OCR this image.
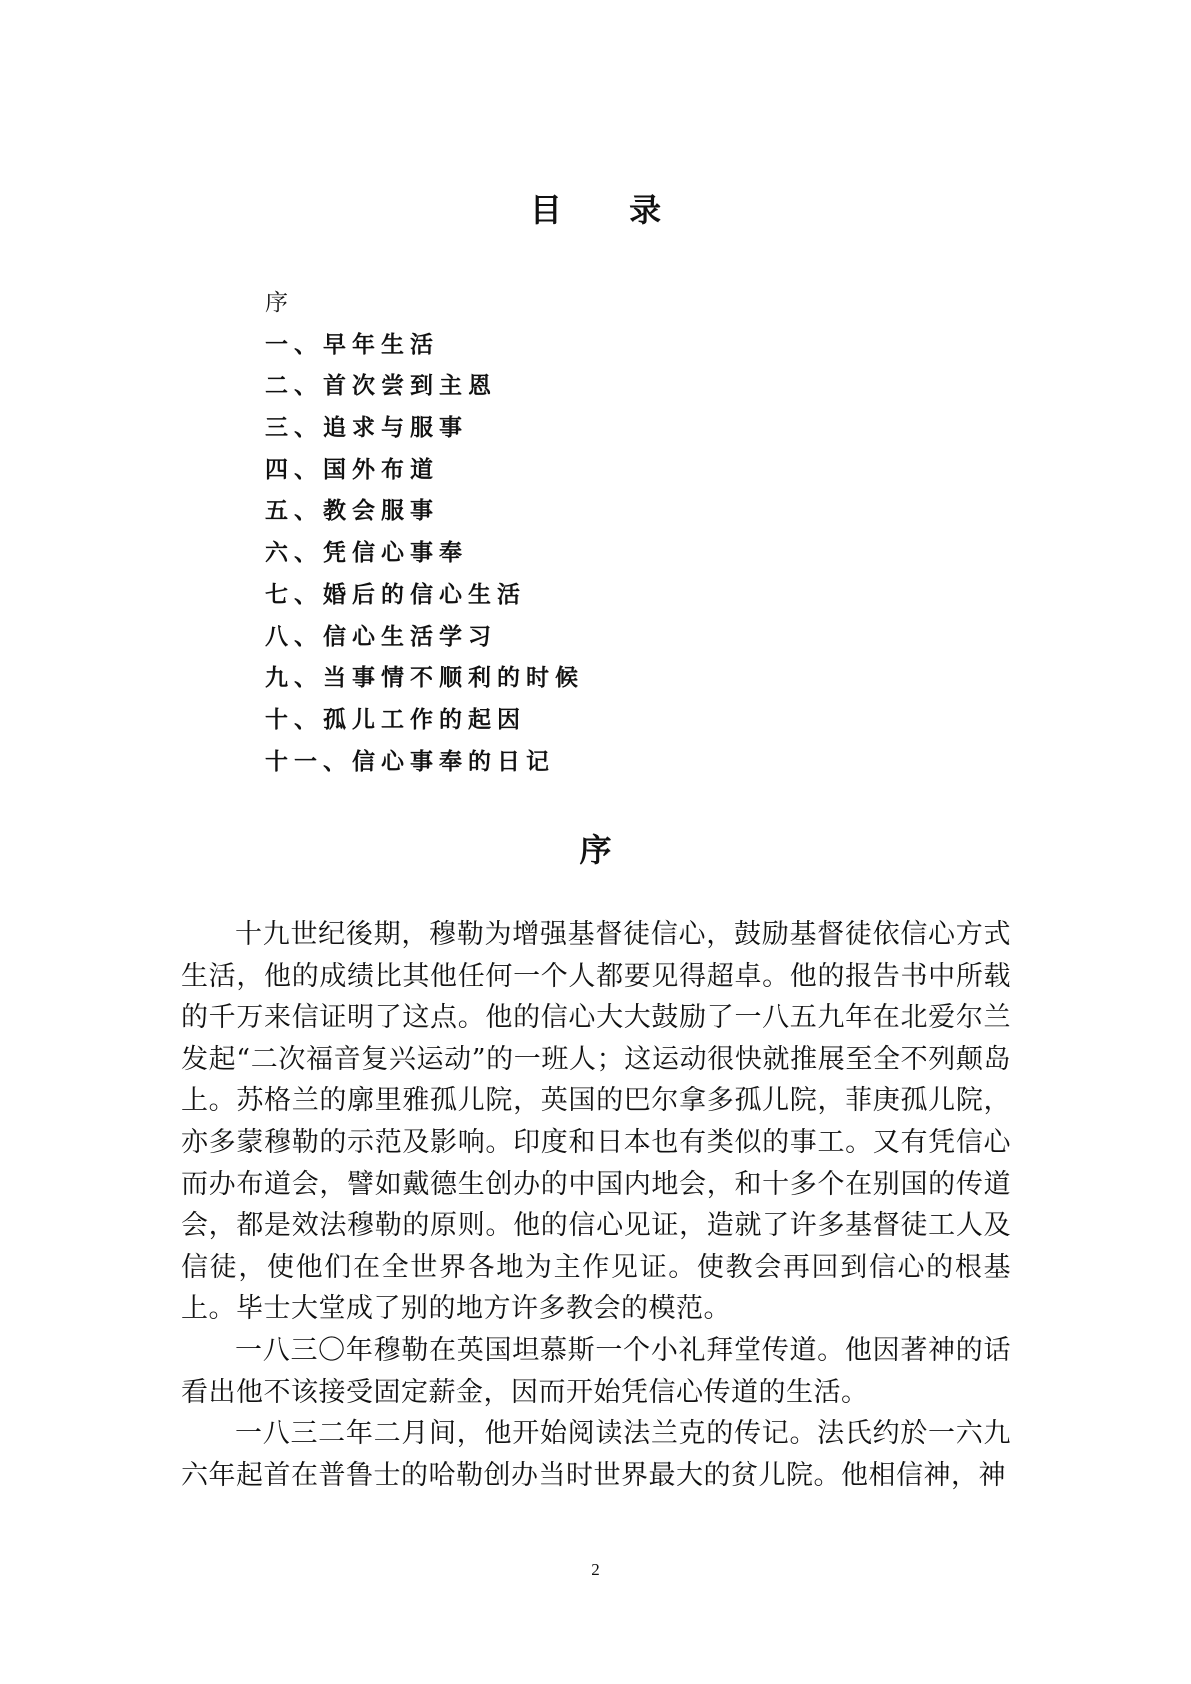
目 录
序
一、早年生活
二、首次尝到主恩
三、追求与服事
四、国外布道
五、教会服事
六、凭信心事奉
七、婚后的信心生活
八、信心生活学习
九、当事情不顺利的时候
十、孤儿工作的起因
十一、信心事奉的日记
序

十九世纪後期，穆勒为增强基督徒信心，鼓励基督徒依信心方式生活，他的成绩比其他任何一个人都要见得超卓。他的报告书中所载的千万来信证明了这点。他的信心大大鼓励了一八五九年在北爱尔兰发起“二次福音复兴运动”的一班人；这运动很快就推展至全不列颠岛上。苏格兰的廓里雅孤儿院，英国的巴尔拿多孤儿院，菲庚孤儿院，亦多蒙穆勒的示范及影响。印度和日本也有类似的事工。又有凭信心而办布道会，譬如戴德生创办的中国内地会，和十多个在别国的传道会，都是效法穆勒的原则。他的信心见证，造就了许多基督徒工人及信徒，使他们在全世界各地为主作见证。使教会再回到信心的根基上。毕士大堂成了别的地方许多教会的模范。

一八三〇年穆勒在英国坦慕斯一个小礼拜堂传道。他因著神的话看出他不该接受固定薪金，因而开始凭信心传道的生活。

一八三二年二月间，他开始阅读法兰克的传记。法氏约於一六九六年起首在普鲁士的哈勒创办当时世界最大的贫儿院。他相信神，神

2
